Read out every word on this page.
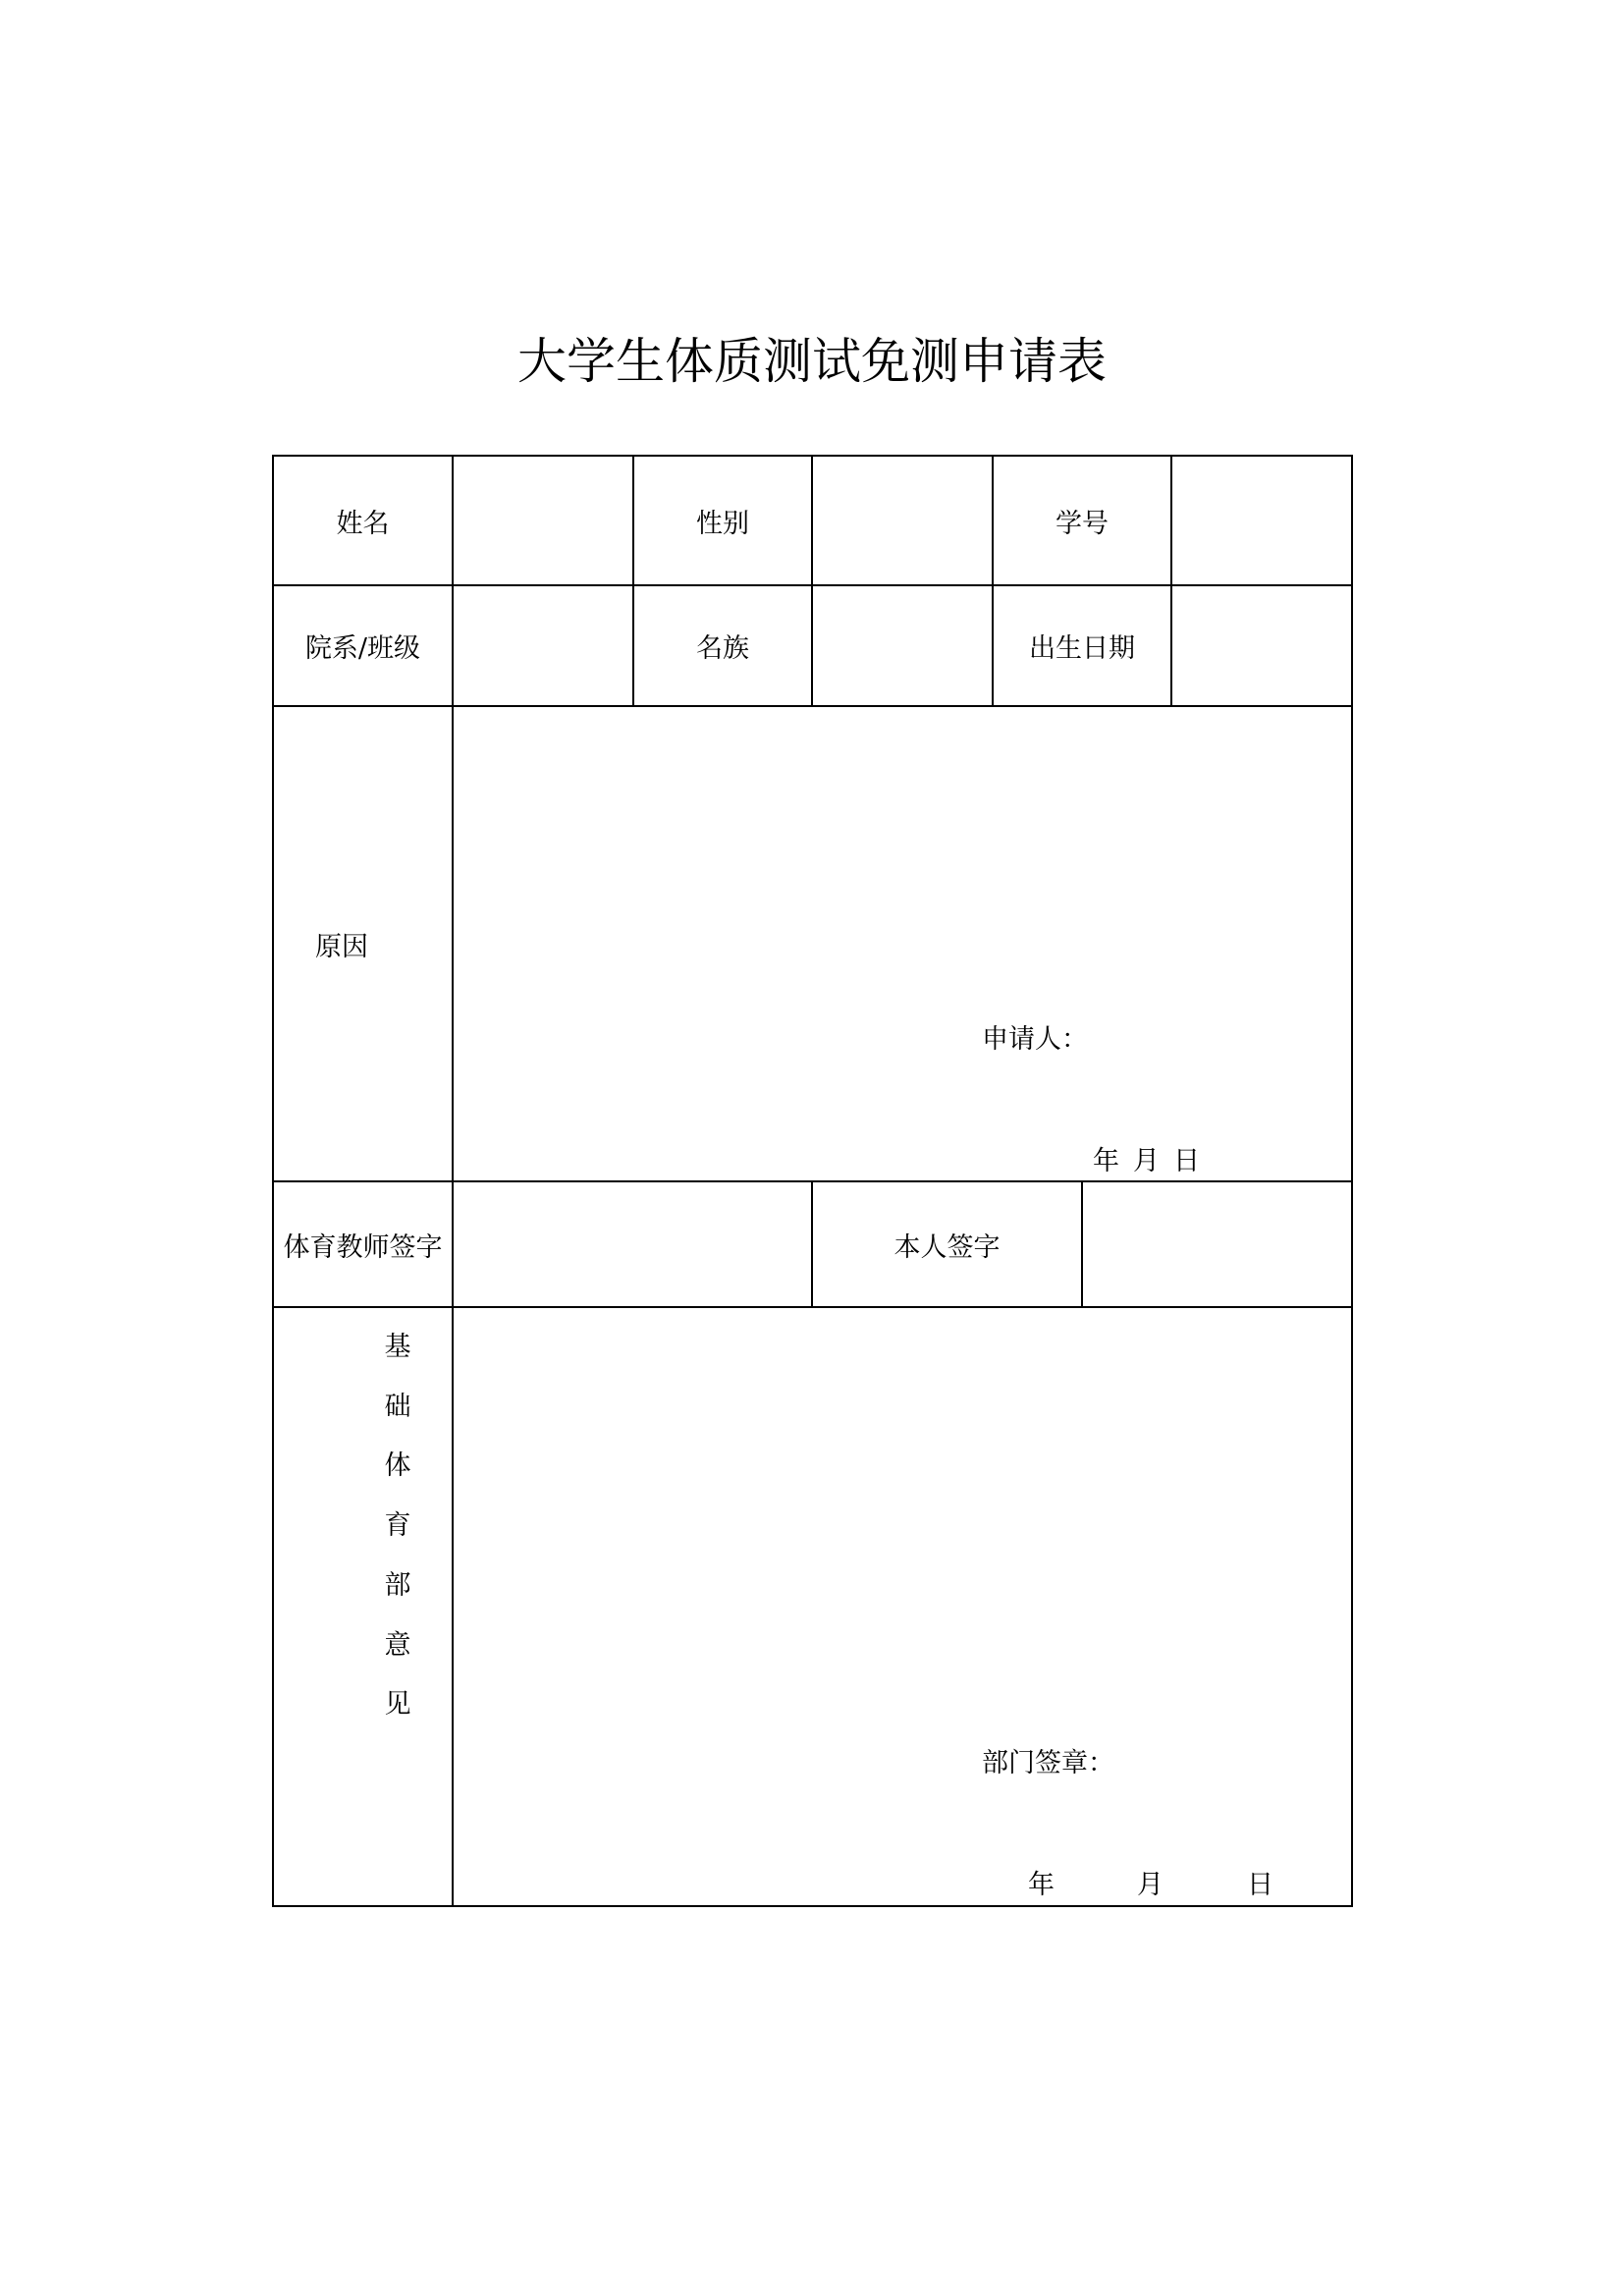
大学生体质测试免测申请表
姓名	性别	学号
院系/班级	名族	出生日期
原因
申请人：
年 月 日
体育教师签字	本人签字
基础体育部意见
部门签章：
年	月	日
